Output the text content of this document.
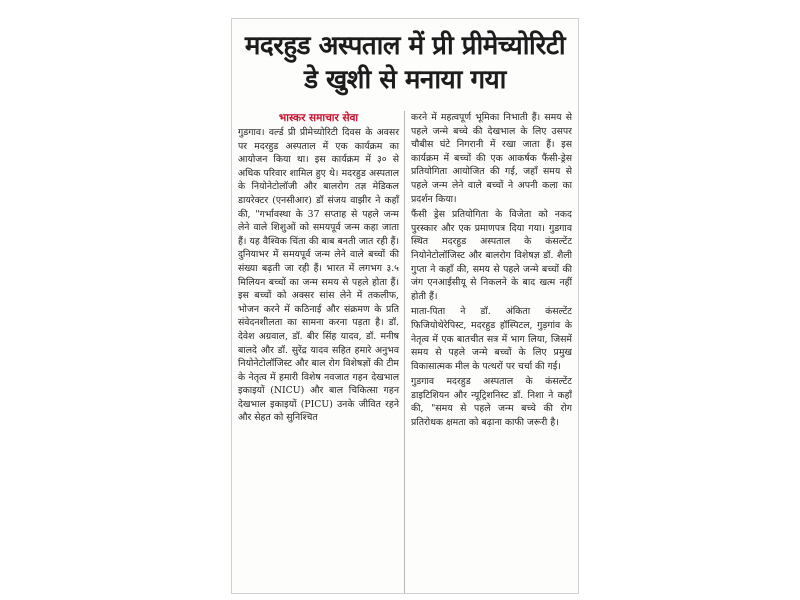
मदरहुड अस्पताल में प्री प्रीमेच्योरिटी
डे खुशी से मनाया गया
भास्कर समाचार सेवा

गुडगाव। वर्ल्ड प्री प्रीमेच्योरिटी दिवस के अवसर पर मदरहुड अस्पताल में एक कार्यक्रम का आयोजन किया था। इस कार्यक्रम में ३० से अधिक परिवार शामिल हुए थे। मदरहुड अस्पताल के नियोनेटोलॉजी और बालरोग तज्ञ मेडिकल डायरेक्टर (एनसीआर) डॉ संजय वाझीर ने कहाँ की, "गर्भावस्था के 37 सप्ताह से पहले जन्म लेने वाले शिशुओं को समयपूर्व जन्म कहा जाता हैं। यह वैश्विक चिंता की बाब बनती जात रही हैं। दुनियाभर में समयपूर्व जन्म लेने वाले बच्चों की संख्या बढ़ती जा रही हैं। भारत में लगभग ३.५ मिलियन बच्चों का जन्म समय से पहले होता हैं। इस बच्चों को अक्सर सांस लेने में तकलीफ, भोजन करने में कठिनाई और संक्रमण के प्रति संवेदनशीलता का सामना करना पड़ता है। डॉ. देवेश अग्रवाल, डॉ. बीर सिंह यादव, डॉ. मनीष बालदे और डॉ. सुरेंद्र यादव सहित हमारे अनुभव नियोनेटोलॉजिस्ट और बाल रोग विशेषज्ञों की टीम के नेतृत्व में हमारी विशेष नवजात गहन देखभाल इकाइयों (NICU) और बाल चिकित्सा गहन देखभाल इकाइयों (PICU) उनके जीवित रहने और सेहत को सुनिश्चित

करने में महत्वपूर्ण भूमिका निभाती हैं। समय से पहले जन्मे बच्चे की देखभाल के लिए उसपर चौबीस घंटे निगरानी में रखा जाता हैं। इस कार्यक्रम में बच्चों की एक आकर्षक फैंसी-ड्रेस प्रतियोगिता आयोजित की गई, जहाँ समय से पहले जन्म लेने वाले बच्चों ने अपनी कला का प्रदर्शन किया।

फैंसी ड्रेस प्रतियोगिता के विजेता को नकद पुरस्कार और एक प्रमाणपत्र दिया गया। गुडगाव स्थित मदरहुड अस्पताल के कंसल्टेंट नियोनेटोलॉजिस्ट और बालरोग विशेषज्ञ डॉ. शैली गुप्ता ने कहाँ की, समय से पहले जन्मे बच्चों की जंग एनआईसीयू से निकलने के बाद खत्म नहीं होती हैं।

माता-पिता ने डॉ. अंकिता कंसल्टेंट फिजियोथेरेपिस्ट, मदरहुड हॉस्पिटल, गुड़गांव के नेतृत्व में एक बातचीत सत्र में भाग लिया, जिसमें समय से पहले जन्मे बच्चों के लिए प्रमुख विकासात्मक मील के पत्थरों पर चर्चा की गई।

गुडगाव मदरहुड अस्पताल के कंसल्टेंट डाइटिशियन और न्यूट्रिशनिस्ट डॉ. निशा ने कहाँ की, "समय से पहले जन्म बच्चे की रोग प्रतिरोधक क्षमता को बढ़ाना काफी जरूरी है।
